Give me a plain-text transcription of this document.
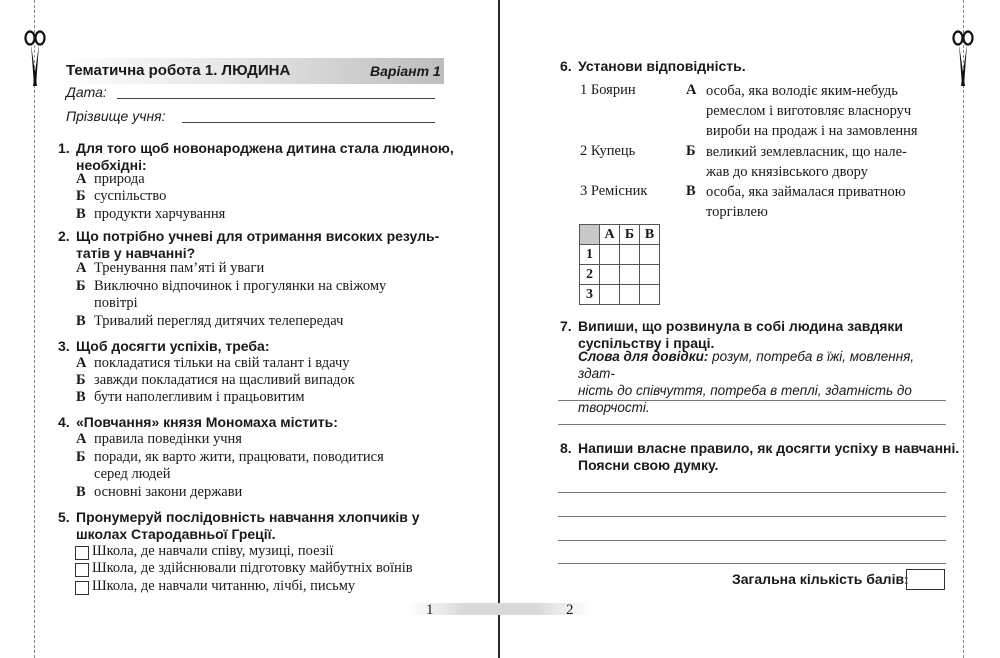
1	2
Тематична робота 1. ЛЮДИНА	Варіант 1
Дата:
Прізвище учня:
1. Для того щоб новонароджена дитина стала людиною,
необхідні:
А природа
Б суспільство
В продукти харчування
2. Що потрібно учневі для отримання високих резуль-
татів у навчанні?
А Тренування пам’яті й уваги
Б Виключно відпочинок і прогулянки на свіжому
повітрі
В Тривалий перегляд дитячих телепередач
3. Щоб досягти успіхів, треба:
А покладатися тільки на свій талант і вдачу
Б завжди покладатися на щасливий випадок
В бути наполегливим і працьовитим
4. «Повчання» князя Мономаха містить:
А правила поведінки учня
Б поради, як варто жити, працювати, поводитися
серед людей
В основні закони держави
5. Пронумеруй послідовність навчання хлопчиків у
школах Стародавньої Греції.
Школа, де навчали співу, музиці, поезії
Школа, де здійснювали підготовку майбутніх воїнів
Школа, де навчали читанню, лічбі, письму
6. Установи відповідність.
1 Боярин	А особа, яка володіє яким-небудь
ремеслом і виготовляє власноруч
вироби на продаж і на замовлення
2 Купець	Б великий землевласник, що нале-
жав до князівського двору
3 Ремісник	В особа, яка займалася приватною
торгівлею
	А	Б	В
1			
2			
3			
7. Випиши, що розвинула в собі людина завдяки
суспільству і праці.
Слова для довідки: розум, потреба в їжі, мовлення, здат-
ність до співчуття, потреба в теплі, здатність до творчості.
8. Напиши власне правило, як досягти успіху в навчанні.
Поясни свою думку.
Загальна кількість балів:
